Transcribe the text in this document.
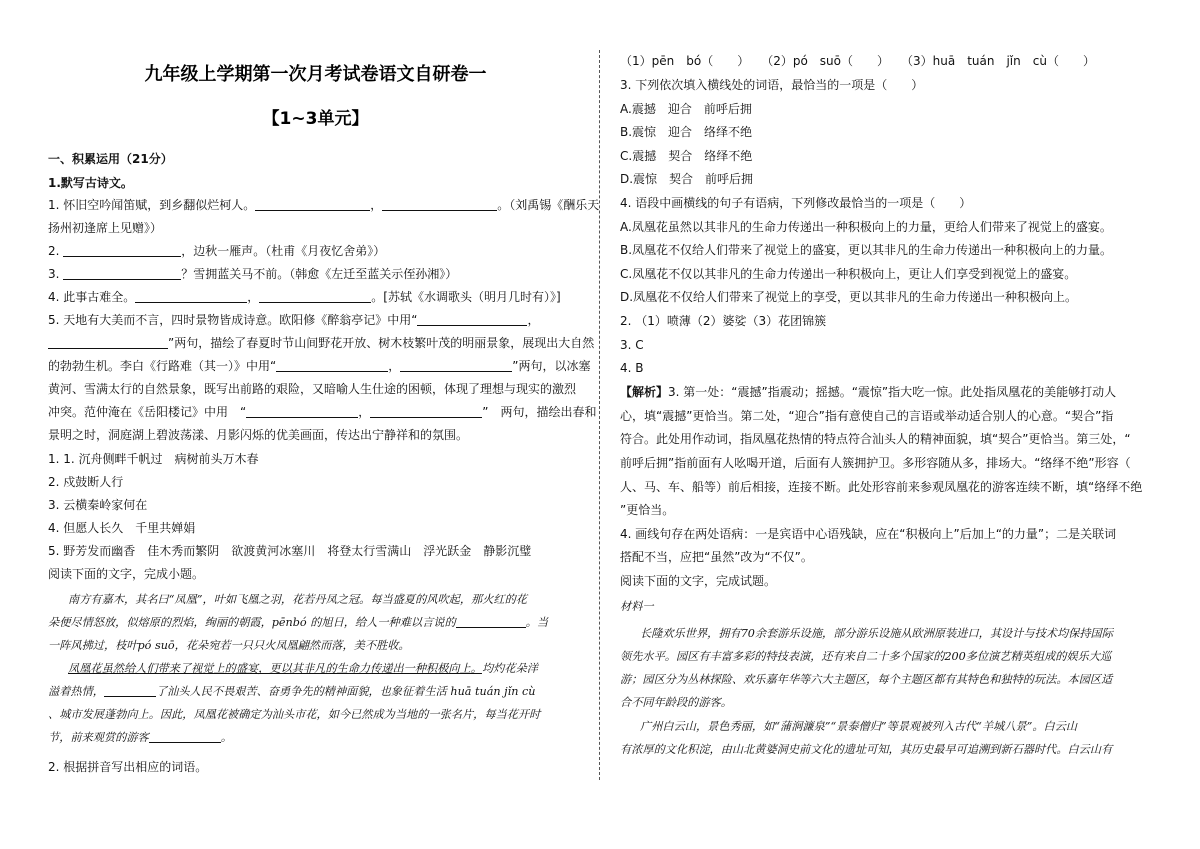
九年级上学期第一次月考试卷语文自研卷一
【1~3单元】
一、积累运用（21分）
1.默写古诗文。
1. 怀旧空吟闻笛赋，到乡翻似烂柯人。	，	。（刘禹锡《酬乐天
扬州初逢席上见赠》）
2.	，边秋一雁声。（杜甫《月夜忆舍弟》）
3.	？雪拥蓝关马不前。（韩愈《左迁至蓝关示侄孙湘》）
4. 此事古难全。	，	。[苏轼《水调歌头（明月几时有）》]
5. 天地有大美而不言，四时景物皆成诗意。欧阳修《醉翁亭记》中用“	，
”两句，描绘了春夏时节山间野花开放、树木枝繁叶茂的明丽景象，展现出大自然
的勃勃生机。李白《行路难（其一）》中用“	，	”两句，以冰塞
黄河、雪满太行的自然景象，既写出前路的艰险，又暗喻人生仕途的困顿，体现了理想与现实的激烈
冲突。范仲淹在《岳阳楼记》中用　“	，	”　两句，描绘出春和
景明之时，洞庭湖上碧波荡漾、月影闪烁的优美画面，传达出宁静祥和的氛围。
1. 1. 沉舟侧畔千帆过　病树前头万木春
2. 戍鼓断人行
3. 云横秦岭家何在
4. 但愿人长久　千里共婵娟
5. 野芳发而幽香　佳木秀而繁阴　欲渡黄河冰塞川　将登太行雪满山　浮光跃金　静影沉璧
阅读下面的文字，完成小题。
南方有嘉木，其名曰“凤凰”，叶如飞凰之羽，花若丹凤之冠。每当盛夏的风吹起，那火红的花
朵便尽情怒放，似熔原的烈焰，绚丽的朝霞，pēnbó 的旭日，给人一种难以言说的	。当
一阵风拂过，枝叶pó suō，花朵宛若一只只火凤凰翩然而落，美不胜收。
凤凰花虽然给人们带来了视觉上的盛宴，更以其非凡的生命力传递出一种积极向上。均灼花朵洋
溢着热情，	了汕头人民不畏艰苦、奋勇争先的精神面貌，也象征着生活 huā tuán jǐn cù
、城市发展蓬勃向上。因此，凤凰花被确定为汕头市花，如今已然成为当地的一张名片，每当花开时
节，前来观赏的游客	。
2. 根据拼音写出相应的词语。
（1）pēn　bó（　　）　　（2）pó　suō（　　）　　（3）huā　tuán　jǐn　cù（　　）
3. 下列依次填入横线处的词语，最恰当的一项是（　　）
A.震撼　迎合　前呼后拥
B.震惊　迎合　络绎不绝
C.震撼　契合　络绎不绝
D.震惊　契合　前呼后拥
4. 语段中画横线的句子有语病，下列修改最恰当的一项是（　　）
A.凤凰花虽然以其非凡的生命力传递出一种积极向上的力量，更给人们带来了视觉上的盛宴。
B.凤凰花不仅给人们带来了视觉上的盛宴，更以其非凡的生命力传递出一种积极向上的力量。
C.凤凰花不仅以其非凡的生命力传递出一种积极向上，更让人们享受到视觉上的盛宴。
D.凤凰花不仅给人们带来了视觉上的享受，更以其非凡的生命力传递出一种积极向上。
2. （1）喷薄（2）婆娑（3）花团锦簇
3. C
4. B
【解析】3. 第一处：“震撼”指震动；摇撼。“震惊”指大吃一惊。此处指凤凰花的美能够打动人
心，填“震撼”更恰当。第二处，“迎合”指有意使自己的言语或举动适合别人的心意。“契合”指
符合。此处用作动词，指凤凰花热情的特点符合汕头人的精神面貌，填“契合”更恰当。第三处，“
前呼后拥”指前面有人吆喝开道，后面有人簇拥护卫。多形容随从多，排场大。“络绎不绝”形容（
人、马、车、船等）前后相接，连接不断。此处形容前来参观凤凰花的游客连续不断，填“络绎不绝
”更恰当。
4. 画线句存在两处语病：一是宾语中心语残缺，应在“积极向上”后加上“的力量”；二是关联词
搭配不当，应把“虽然”改为“不仅”。
阅读下面的文字，完成试题。
材料一
长隆欢乐世界，拥有70余套游乐设施，部分游乐设施从欧洲原装进口，其设计与技术均保持国际
领先水平。园区有丰富多彩的特技表演，还有来自二十多个国家的200多位演艺精英组成的娱乐大巡
游；园区分为丛林探险、欢乐嘉年华等六大主题区，每个主题区都有其特色和独特的玩法。本园区适
合不同年龄段的游客。
广州白云山，景色秀丽，如“蒲涧濂泉”“景泰僧归”等景观被列入古代“羊城八景”。白云山
有浓厚的文化积淀，由山北黄婆洞史前文化的遗址可知，其历史最早可追溯到新石器时代。白云山有
